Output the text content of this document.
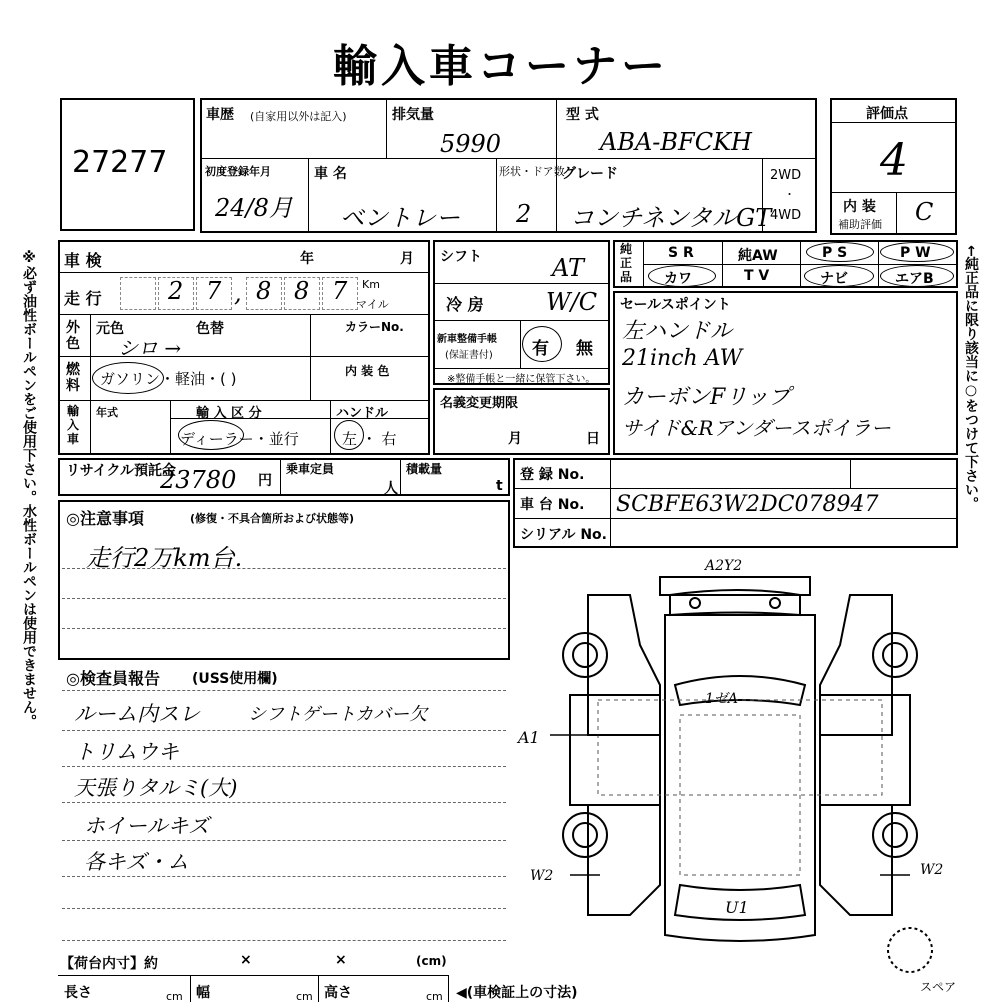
輸入車コーナー
※必ず油性ボールペンをご使用下さい。水性ボールペンは使用できません。	←純正品に限り該当に○をつけて下さい。
27277
車歴 (自家用以外は記入)	排気量
5990
型 式
ABA-BFCKH
初度登録年月
24/8月
車 名
ベントレー
形状・ドア数
2
グレード
コンチネンタルGT
2WD
・
4WD
評価点
4
内 装
補助評価 C
車 検	年	月
走 行	2 7 , 8 8 7 Km
マイル
外色
元色	色替
シロ →
カラーNo.
燃料 ガソリン・軽油・( )	内 装 色
輸入車
年式	輸 入 区 分
ディーラー・並行
ハンドル
左 ・ 右
シフト	AT
冷 房	W/C
新車整備手帳
(保証書付) 有 無
※整備手帳と一緒に保管下さい。
名義変更期限
月	日
純正品
S R	純AW	P S	P W
カワ	T V	ナビ	エアB
セールスポイント
左ハンドル
21inch AW
カーボンFリップ
サイド&Rアンダースポイラー
リサイクル預託金
23780 円
乗車定員
人
積載量
t
登 録 No.
車 台 No. SCBFE63W2DC078947
シリアル No.
◎注意事項	(修復・不具合箇所および状態等)
走行2万km台.
◎検査員報告 (USS使用欄)
ルーム内スレ	シフトゲートカバー欠
トリムウキ
天張りタルミ(大)
ホイールキズ
各キズ・ム
A2Y2
1ゼA
A1
W2	W2
U1
スペア
【荷台内寸】約	×	×	(cm)
長さ	cm 幅	cm 高さ	cm ◀(車検証上の寸法)
